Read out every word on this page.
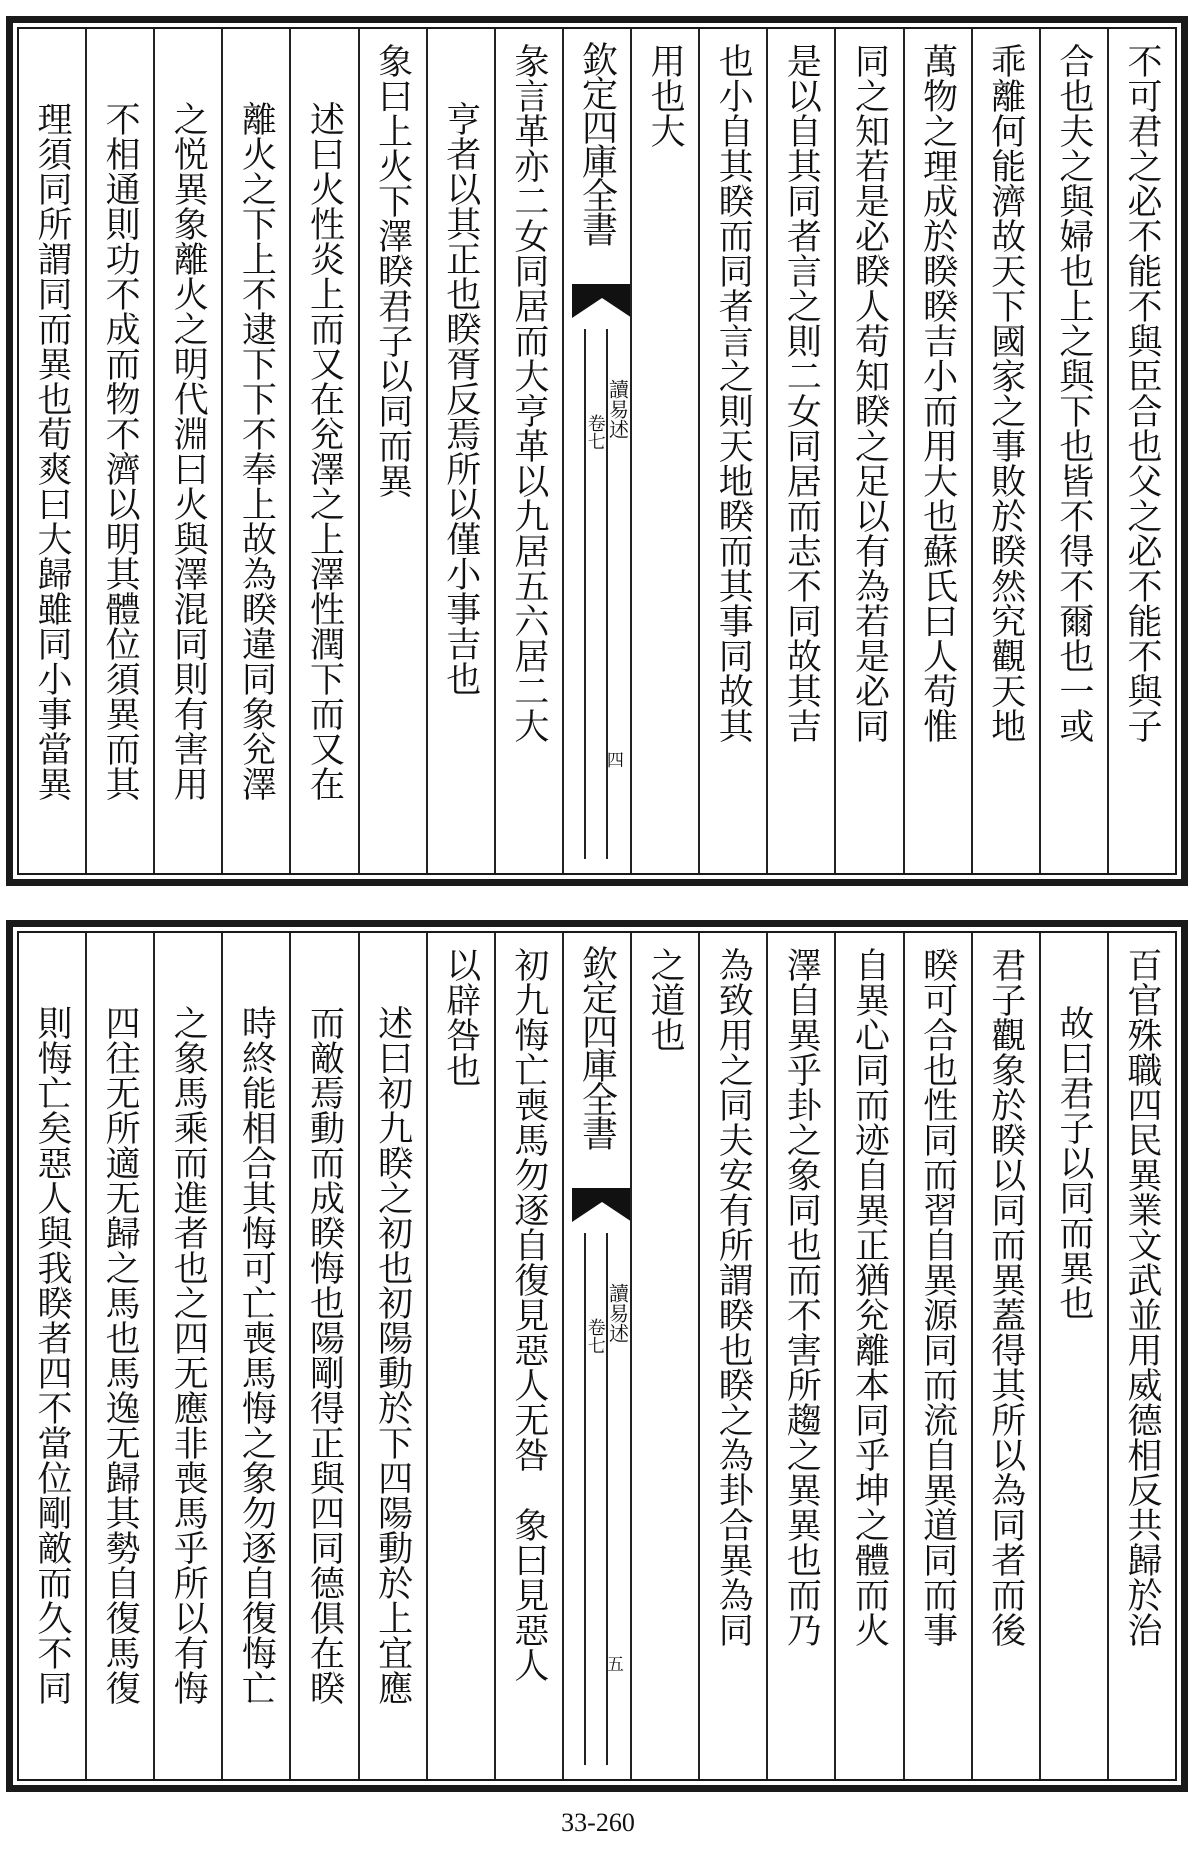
不可君之必不能不與臣合也父之必不能不與子
合也夫之與婦也上之與下也皆不得不爾也一或
乖離何能濟故天下國家之事敗於睽然究觀天地
萬物之理成於睽睽吉小而用大也蘇氏曰人苟惟
同之知若是必睽人苟知睽之足以有為若是必同
是以自其同者言之則二女同居而志不同故其吉
也小自其睽而同者言之則天地睽而其事同故其
用也大
欽定四庫全書
讀易述
卷七
四
彖言革亦二女同居而大亨革以九居五六居二大
亨者以其正也睽胥反焉所以僅小事吉也
象曰上火下澤睽君子以同而異
述曰火性炎上而又在兊澤之上澤性潤下而又在
離火之下上不逮下下不奉上故為睽違同象兊澤
之悦異象離火之明代淵曰火與澤混同則有害用
不相通則功不成而物不濟以明其體位須異而其
理須同所謂同而異也荀爽曰大歸雖同小事當異
百官殊職四民異業文武並用威德相反共歸於治
故曰君子以同而異也
君子觀象於睽以同而異蓋得其所以為同者而後
睽可合也性同而習自異源同而流自異道同而事
自異心同而迹自異正猶兊離本同乎坤之體而火
澤自異乎卦之象同也而不害所趨之異異也而乃
為致用之同夫安有所謂睽也睽之為卦合異為同
之道也
欽定四庫全書
讀易述
卷七
五
初九悔亡喪馬勿逐自復見惡人无咎　象曰見惡人
以辟咎也
述曰初九睽之初也初陽動於下四陽動於上宜應
而敵焉動而成睽悔也陽剛得正與四同德俱在睽
時終能相合其悔可亡喪馬悔之象勿逐自復悔亡
之象馬乘而進者也之四无應非喪馬乎所以有悔
四往无所適无歸之馬也馬逸无歸其勢自復馬復
則悔亡矣惡人與我睽者四不當位剛敵而久不同
33-260
